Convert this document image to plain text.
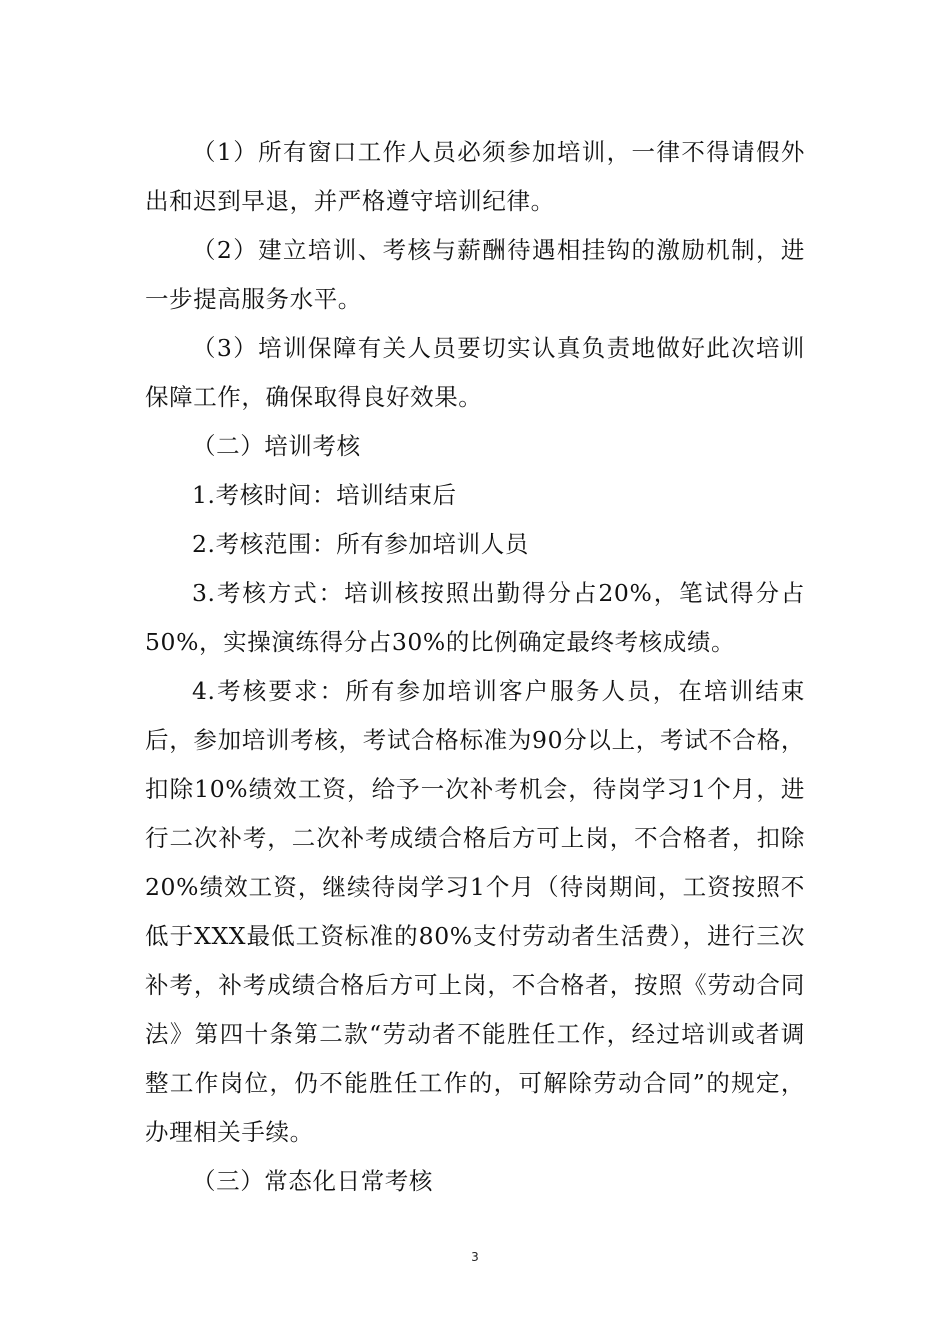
（1）所有窗口工作人员必须参加培训，一律不得请假外出和迟到早退，并严格遵守培训纪律。

（2）建立培训、考核与薪酬待遇相挂钩的激励机制，进一步提高服务水平。

（3）培训保障有关人员要切实认真负责地做好此次培训保障工作，确保取得良好效果。

（二）培训考核

1.考核时间：培训结束后

2.考核范围：所有参加培训人员

3.考核方式：培训核按照出勤得分占20%，笔试得分占50%，实操演练得分占30%的比例确定最终考核成绩。

4.考核要求：所有参加培训客户服务人员，在培训结束后，参加培训考核，考试合格标准为90分以上，考试不合格，扣除10%绩效工资，给予一次补考机会，待岗学习1个月，进行二次补考，二次补考成绩合格后方可上岗，不合格者，扣除20%绩效工资，继续待岗学习1个月（待岗期间，工资按照不低于XXX最低工资标准的80%支付劳动者生活费），进行三次补考，补考成绩合格后方可上岗，不合格者，按照《劳动合同法》第四十条第二款“劳动者不能胜任工作，经过培训或者调整工作岗位，仍不能胜任工作的，可解除劳动合同”的规定，办理相关手续。

（三）常态化日常考核

3
